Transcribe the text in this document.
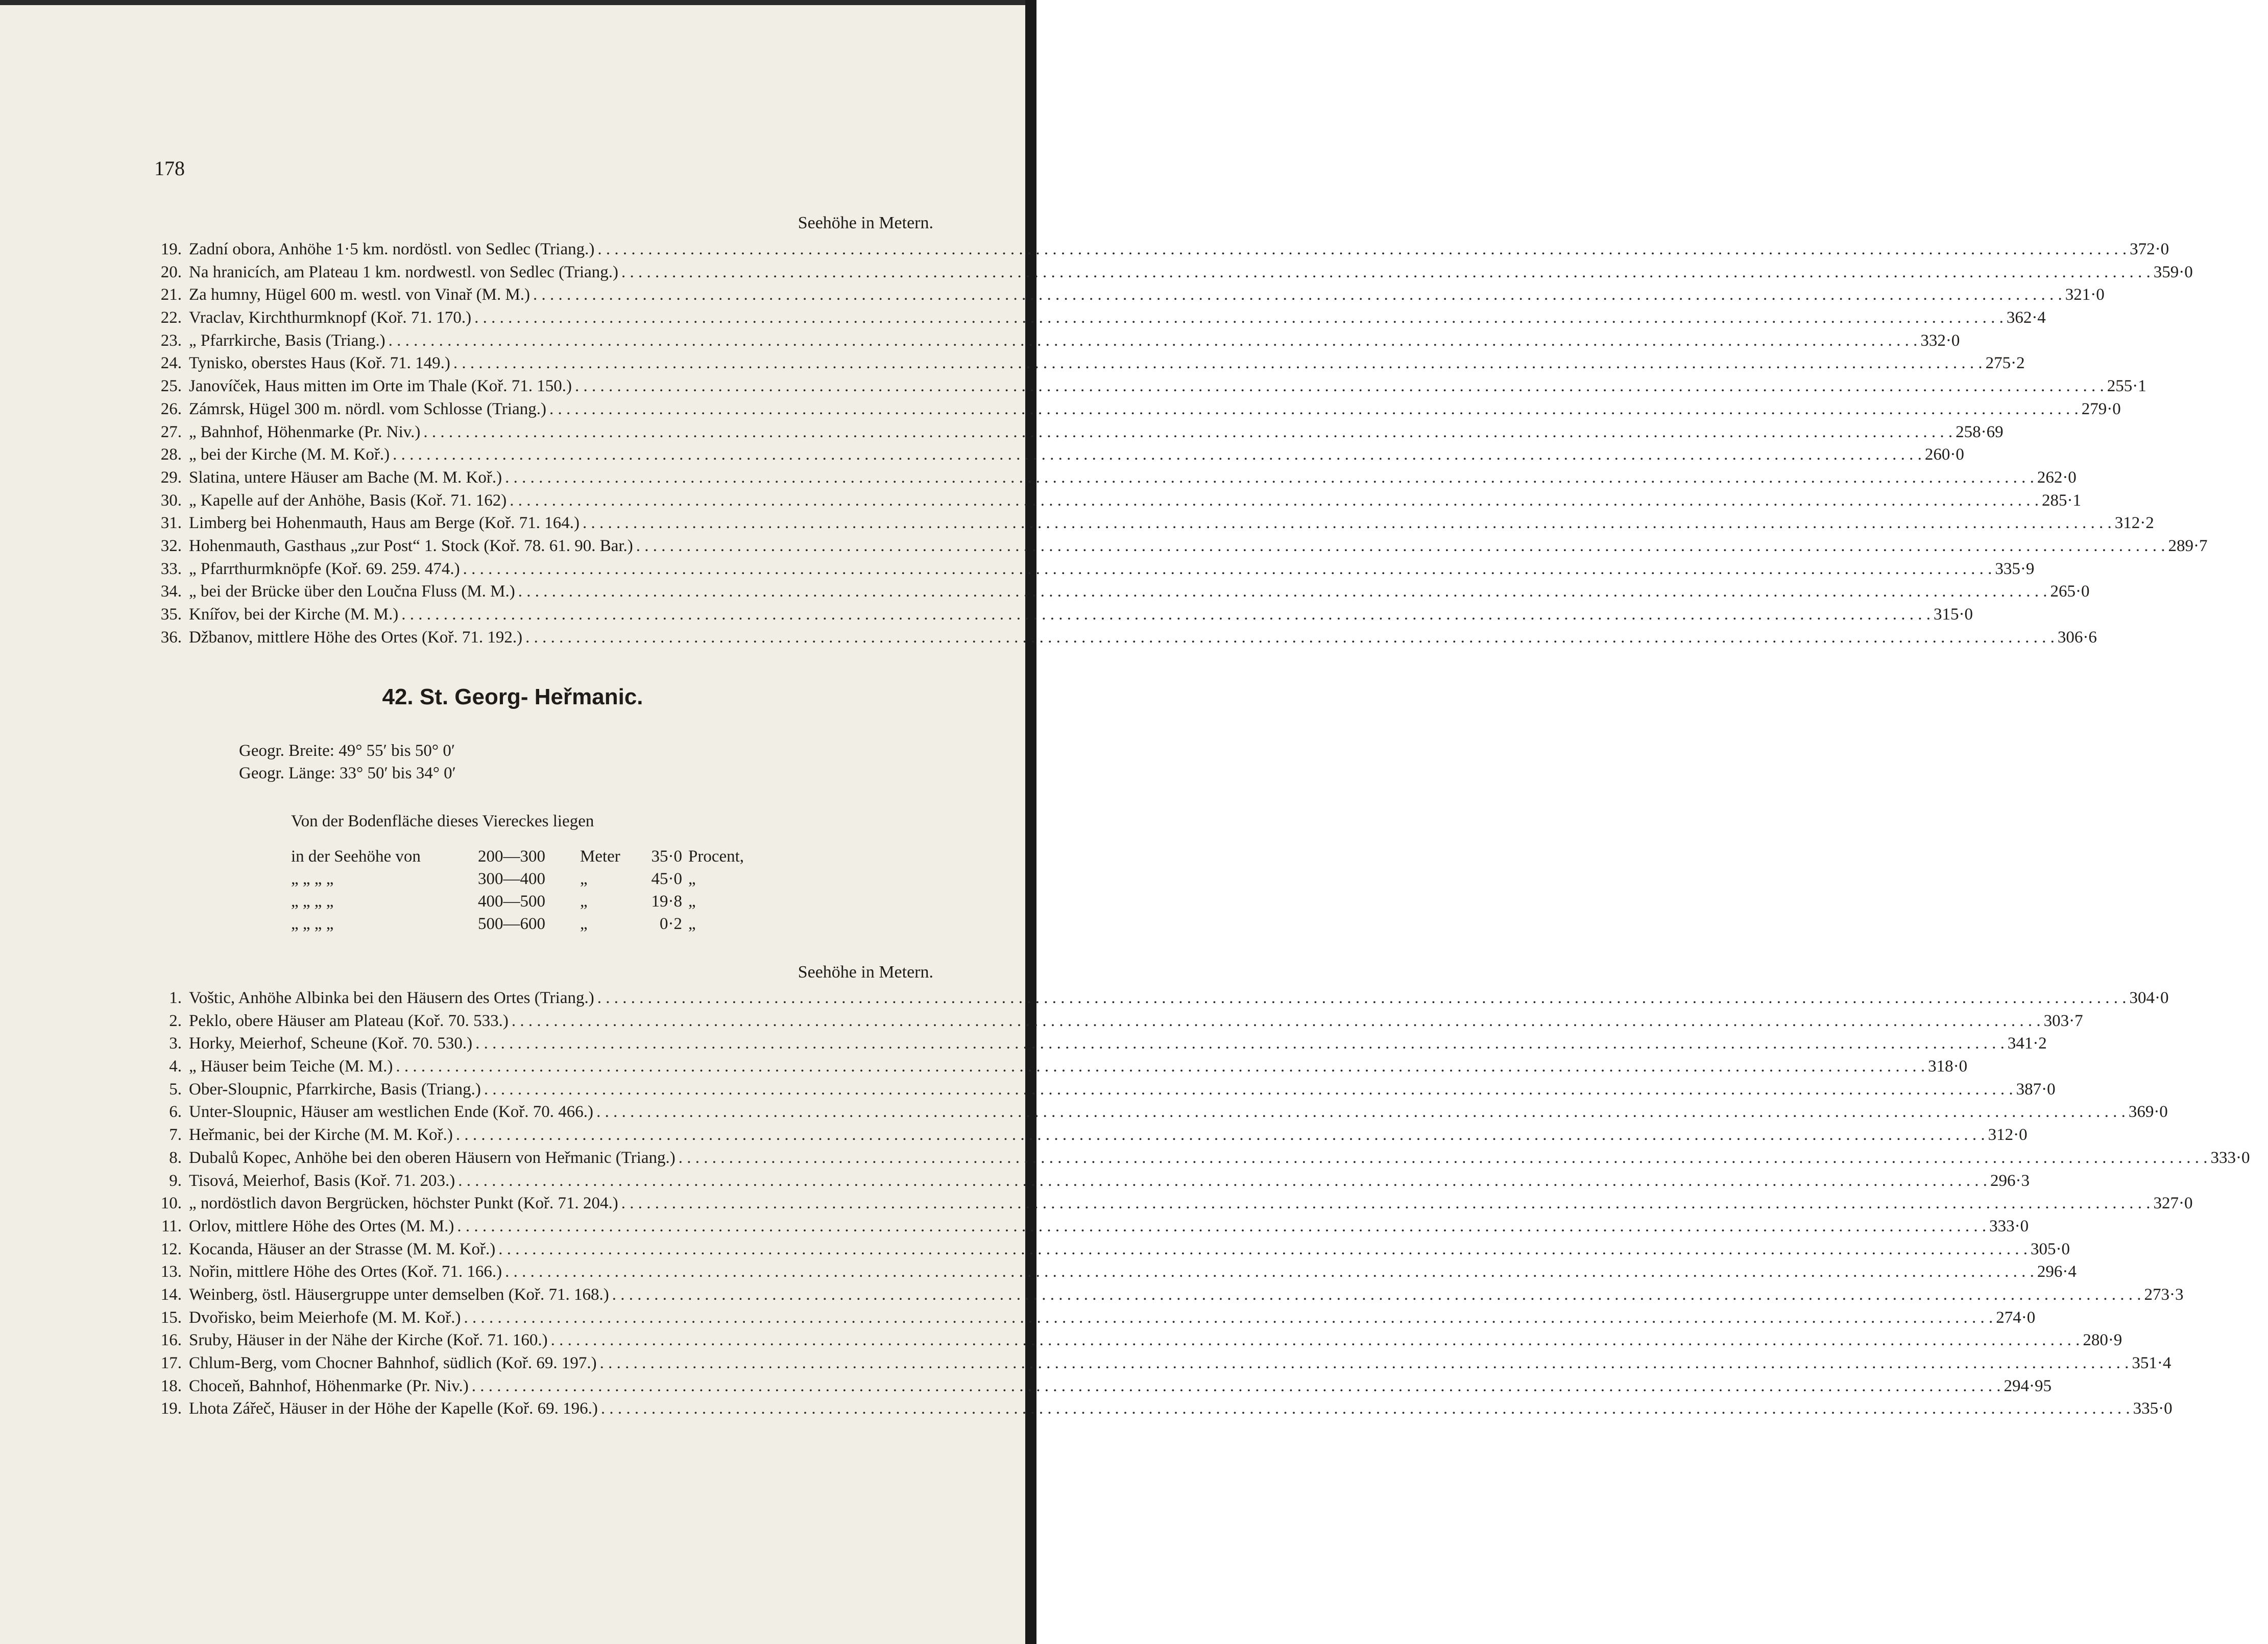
178
Seehöhe in Metern.
19. Zadní obora, Anhöhe 1·5 km. nordöstl. von Sedlec (Triang.) . . .	372·0
20. Na hranicích, am Plateau 1 km. nordwestl. von Sedlec (Triang.) . . .	359·0
21. Za humny, Hügel 600 m. westl. von Vinař (M. M.) . . .	321·0
22. Vraclav, Kirchthurmknopf (Koř. 71. 170.) . . .	362·4
23. „ Pfarrkirche, Basis (Triang.) . . .	332·0
24. Tynisko, oberstes Haus (Koř. 71. 149.) . . .	275·2
25. Janovíček, Haus mitten im Orte im Thale (Koř. 71. 150.) . . .	255·1
26. Zámrsk, Hügel 300 m. nördl. vom Schlosse (Triang.) . . .	279·0
27. „ Bahnhof, Höhenmarke (Pr. Niv.) . . .	258·69
28. „ bei der Kirche (M. M. Koř.) . . .	260·0
29. Slatina, untere Häuser am Bache (M. M. Koř.) . . .	262·0
30. „ Kapelle auf der Anhöhe, Basis (Koř. 71. 162) . . .	285·1
31. Limberg bei Hohenmauth, Haus am Berge (Koř. 71. 164.) . . .	312·2
32. Hohenmauth, Gasthaus „zur Post“ 1. Stock (Koř. 78. 61. 90. Bar.) . . .	289·7
33. „ Pfarrthurmknöpfe (Koř. 69. 259. 474.) . . .	335·9
34. „ bei der Brücke über den Loučna Fluss (M. M.) . . .	265·0
35. Knířov, bei der Kirche (M. M.) . . .	315·0
36. Džbanov, mittlere Höhe des Ortes (Koř. 71. 192.) . . .	306·6
42. St. Georg- Heřmanic.
Geogr. Breite: 49° 55′ bis 50° 0′
Geogr. Länge: 33° 50′ bis 34° 0′
Von der Bodenfläche dieses Viereckes liegen
in der Seehöhe von	200—300	Meter	35·0 Procent,
„ „ „ „	300—400	„	45·0 „
„ „ „ „	400—500	„	19·8 „
„ „ „ „	500—600	„	0·2 „
Seehöhe in Metern.
1. Voštic, Anhöhe Albinka bei den Häusern des Ortes (Triang.) . . .	304·0
2. Peklo, obere Häuser am Plateau (Koř. 70. 533.) . . .	303·7
3. Horky, Meierhof, Scheune (Koř. 70. 530.) . . .	341·2
4. „ Häuser beim Teiche (M. M.) . . .	318·0
5. Ober-Sloupnic, Pfarrkirche, Basis (Triang.) . . .	387·0
6. Unter-Sloupnic, Häuser am westlichen Ende (Koř. 70. 466.) . . .	369·0
7. Heřmanic, bei der Kirche (M. M. Koř.) . . .	312·0
8. Dubalů Kopec, Anhöhe bei den oberen Häusern von Heřmanic (Triang.) . . .	333·0
9. Tisová, Meierhof, Basis (Koř. 71. 203.) . . .	296·3
10. „ nordöstlich davon Bergrücken, höchster Punkt (Koř. 71. 204.) . . .	327·0
11. Orlov, mittlere Höhe des Ortes (M. M.) . . .	333·0
12. Kocanda, Häuser an der Strasse (M. M. Koř.) . . .	305·0
13. Nořin, mittlere Höhe des Ortes (Koř. 71. 166.) . . .	296·4
14. Weinberg, östl. Häusergruppe unter demselben (Koř. 71. 168.) . . .	273·3
15. Dvořisko, beim Meierhofe (M. M. Koř.) . . .	274·0
16. Sruby, Häuser in der Nähe der Kirche (Koř. 71. 160.) . . .	280·9
17. Chlum-Berg, vom Chocner Bahnhof, südlich (Koř. 69. 197.) . . .	351·4
18. Choceň, Bahnhof, Höhenmarke (Pr. Niv.) . . .	294·95
19. Lhota Zářeč, Häuser in der Höhe der Kapelle (Koř. 69. 196.) . . .	335·0
